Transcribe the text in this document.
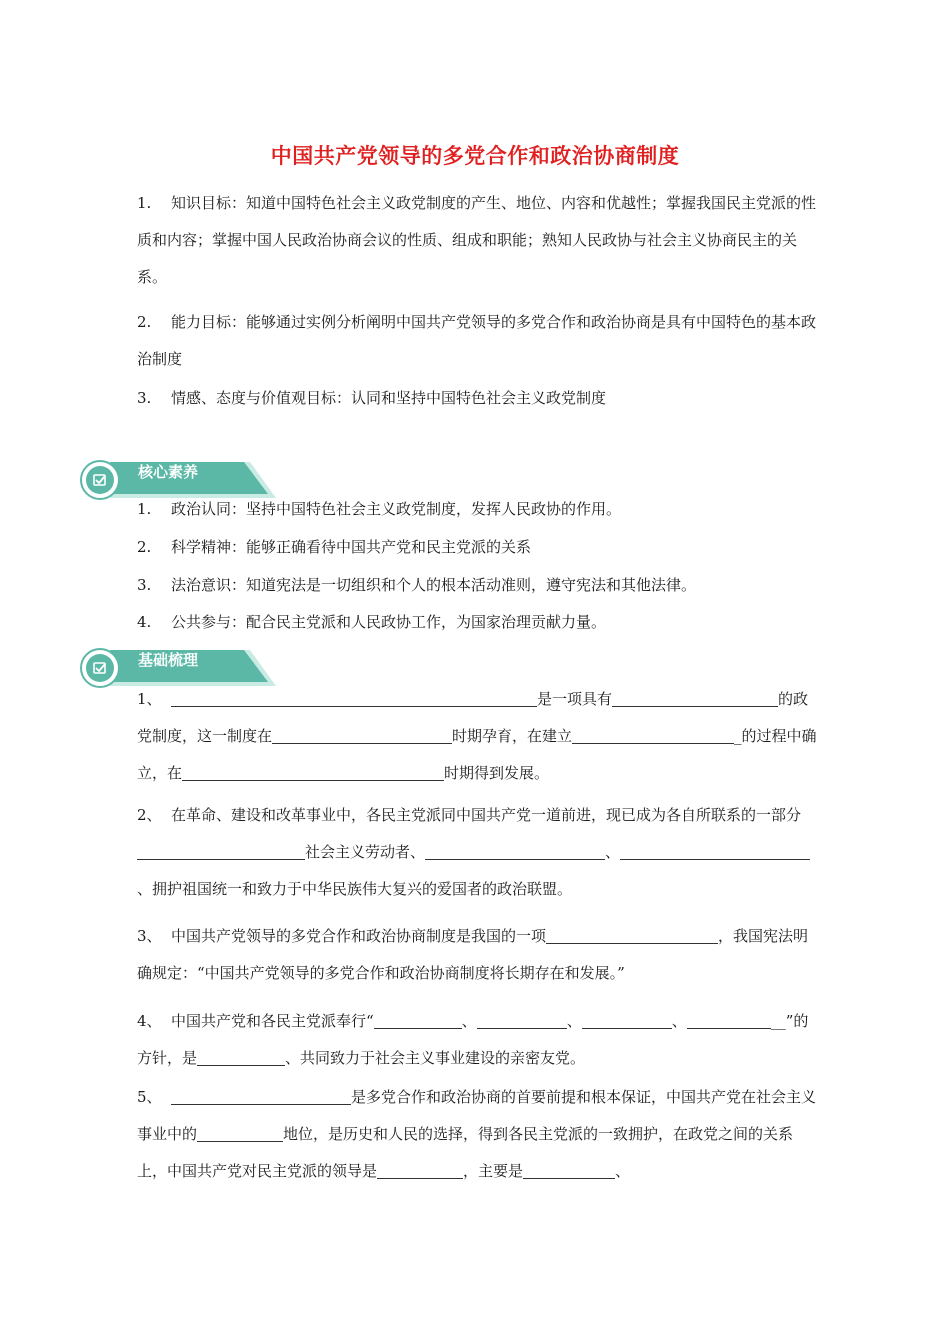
中国共产党领导的多党合作和政治协商制度

1. 知识目标：知道中国特色社会主义政党制度的产生、地位、内容和优越性；掌握我国民主党派的性质和内容；掌握中国人民政治协商会议的性质、组成和职能；熟知人民政协与社会主义协商民主的关系。

2. 能力目标：能够通过实例分析阐明中国共产党领导的多党合作和政治协商是具有中国特色的基本政治制度

3. 情感、态度与价值观目标：认同和坚持中国特色社会主义政党制度

核心素养

1. 政治认同：坚持中国特色社会主义政党制度，发挥人民政协的作用。

2. 科学精神：能够正确看待中国共产党和民主党派的关系

3. 法治意识：知道宪法是一切组织和个人的根本活动准则，遵守宪法和其他法律。

4. 公共参与：配合民主党派和人民政协工作，为国家治理贡献力量。

基础梳理

1、	是一项具有	的政党制度，这一制度在	时期孕育，在建立	_的过程中确立，在	时期得到发展。

2、 在革命、建设和改革事业中，各民主党派同中国共产党一道前进，现已成为各自所联系的一部分社会主义劳动者、	、、拥护祖国统一和致力于中华民族伟大复兴的爱国者的政治联盟。

3、 中国共产党领导的多党合作和政治协商制度是我国的一项	，我国宪法明确规定：“中国共产党领导的多党合作和政治协商制度将长期存在和发展。”

4、 中国共产党和各民主党派奉行“	、	、	、	__”的方针，是	、共同致力于社会主义事业建设的亲密友党。

5、	是多党合作和政治协商的首要前提和根本保证，中国共产党在社会主义事业中的	地位，是历史和人民的选择，得到各民主党派的一致拥护，在政党之间的关系上，中国共产党对民主党派的领导是	，主要是	、
